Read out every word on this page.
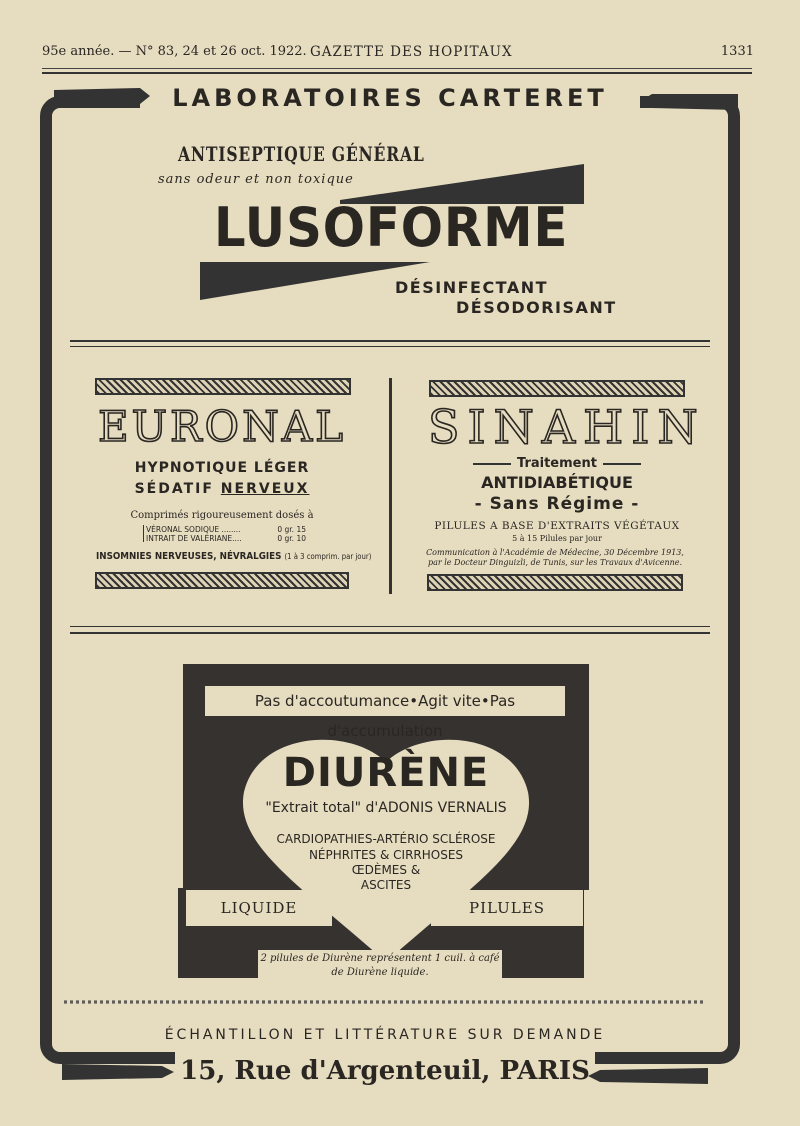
95e année. — N° 83, 24 et 26 oct. 1922. GAZETTE DES HOPITAUX	1331
LABORATOIRES CARTERET
15, Rue d'Argenteuil, PARIS
ANTISEPTIQUE GÉNÉRAL
sans odeur et non toxique
LUSOFORME
DÉSINFECTANT
DÉSODORISANT
EURONAL
HYPNOTIQUE LÉGER
SÉDATIF NERVEUX
Comprimés rigoureusement dosés à
VÉRONAL SODIQUE ........	0 gr. 15
INTRAIT DE VALÉRIANE....	0 gr. 10
INSOMNIES NERVEUSES, NÉVRALGIES (1 à 3 comprim. par jour)
SINAHIN
Traitement
ANTIDIABÉTIQUE
- Sans Régime -
PILULES A BASE D'EXTRAITS VÉGÉTAUX
5 à 15 Pilules par jour
Communication à l'Académie de Médecine, 30 Décembre 1913,
par le Docteur Dinguizli, de Tunis, sur les Travaux d'Avicenne.
Pas d'accoutumance•Agit vite•Pas d'accumulation
DIURÈNE
"Extrait total" d'ADONIS VERNALIS
CARDIOPATHIES-ARTÉRIO SCLÉROSE
NÉPHRITES & CIRRHOSES
ŒDÈMES &
ASCITES
LIQUIDE	PILULES
2 pilules de Diurène représentent 1 cuil. à café
de Diurène liquide.
ÉCHANTILLON ET LITTÉRATURE SUR DEMANDE
